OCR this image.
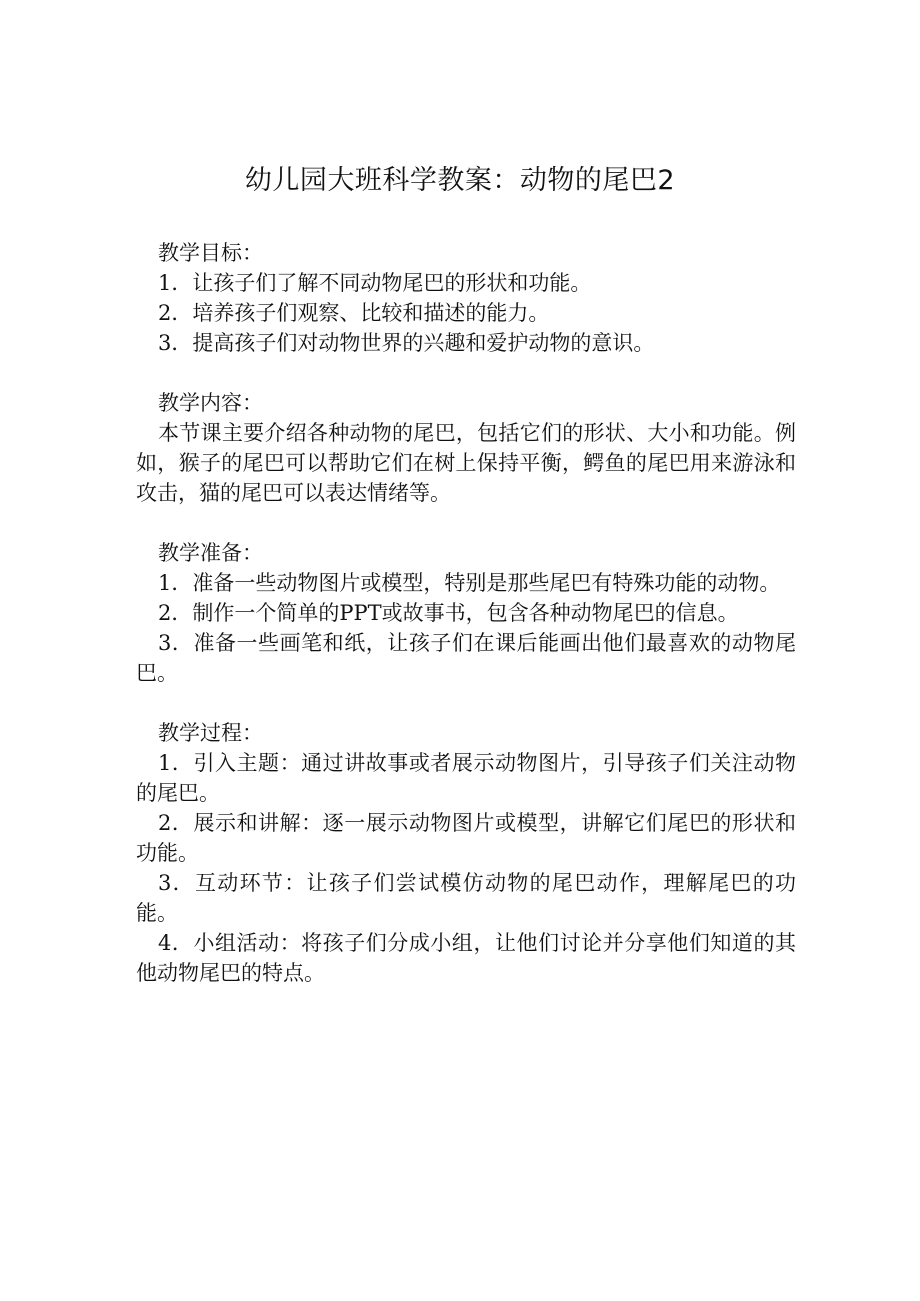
幼儿园大班科学教案：动物的尾巴2

教学目标：

1．让孩子们了解不同动物尾巴的形状和功能。

2．培养孩子们观察、比较和描述的能力。

3．提高孩子们对动物世界的兴趣和爱护动物的意识。

教学内容：

本节课主要介绍各种动物的尾巴，包括它们的形状、大小和功能。例如，猴子的尾巴可以帮助它们在树上保持平衡，鳄鱼的尾巴用来游泳和攻击，猫的尾巴可以表达情绪等。

教学准备：

1．准备一些动物图片或模型，特别是那些尾巴有特殊功能的动物。

2．制作一个简单的PPT或故事书，包含各种动物尾巴的信息。

3．准备一些画笔和纸，让孩子们在课后能画出他们最喜欢的动物尾巴。

教学过程：

1．引入主题：通过讲故事或者展示动物图片，引导孩子们关注动物的尾巴。

2．展示和讲解：逐一展示动物图片或模型，讲解它们尾巴的形状和功能。

3．互动环节：让孩子们尝试模仿动物的尾巴动作，理解尾巴的功能。

4．小组活动：将孩子们分成小组，让他们讨论并分享他们知道的其他动物尾巴的特点。
